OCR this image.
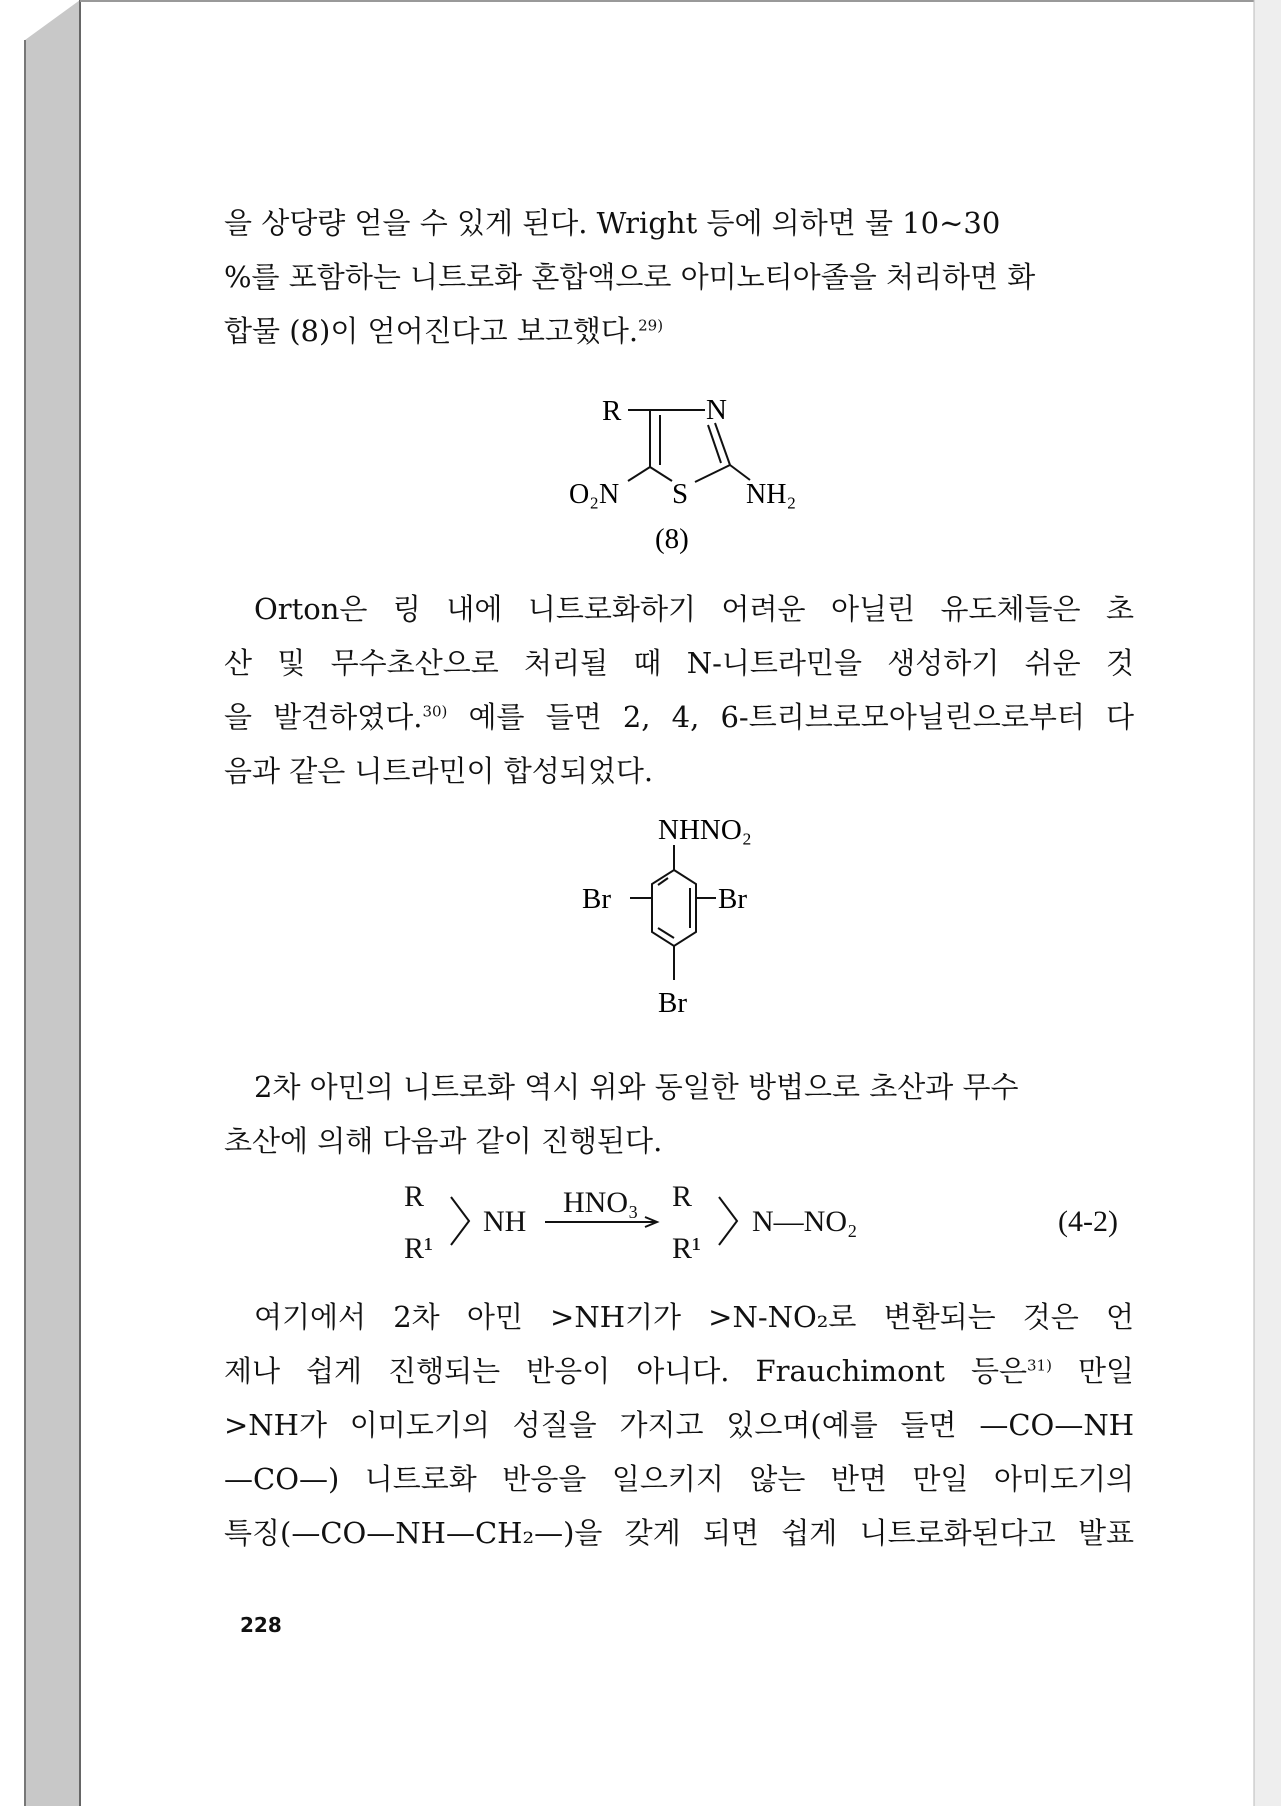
을 상당량 얻을 수 있게 된다. Wright 등에 의하면 물 10∼30

%를 포함하는 니트로화 혼합액으로 아미노티아졸을 처리하면 화

합물 (8)이 얻어진다고 보고했다.$^{29)}$

R	N
O₂N S NH₂
(8)

Orton은 링 내에 니트로화하기 어려운 아닐린 유도체들은 초

산 및 무수초산으로 처리될 때 N-니트라민을 생성하기 쉬운 것

을 발견하였다.$^{30)}$ 예를 들면 2, 4, 6-트리브로모아닐린으로부터 다

음과 같은 니트라민이 합성되었다.

NHNO₂
Br	Br
Br

2차 아민의 니트로화 역시 위와 동일한 방법으로 초산과 무수

초산에 의해 다음과 같이 진행된다.

R
R¹
NH
HNO₃ R
R¹
N—NO₂	(4-2)

여기에서 2차 아민 >NH기가 >N-NO₂로 변환되는 것은 언

제나 쉽게 진행되는 반응이 아니다. Frauchimont 등은$^{31)}$ 만일

>NH가 이미도기의 성질을 가지고 있으며(예를 들면 —CO—NH

—CO—) 니트로화 반응을 일으키지 않는 반면 만일 아미도기의

특징(—CO—NH—CH₂—)을 갖게 되면 쉽게 니트로화된다고 발표

228
